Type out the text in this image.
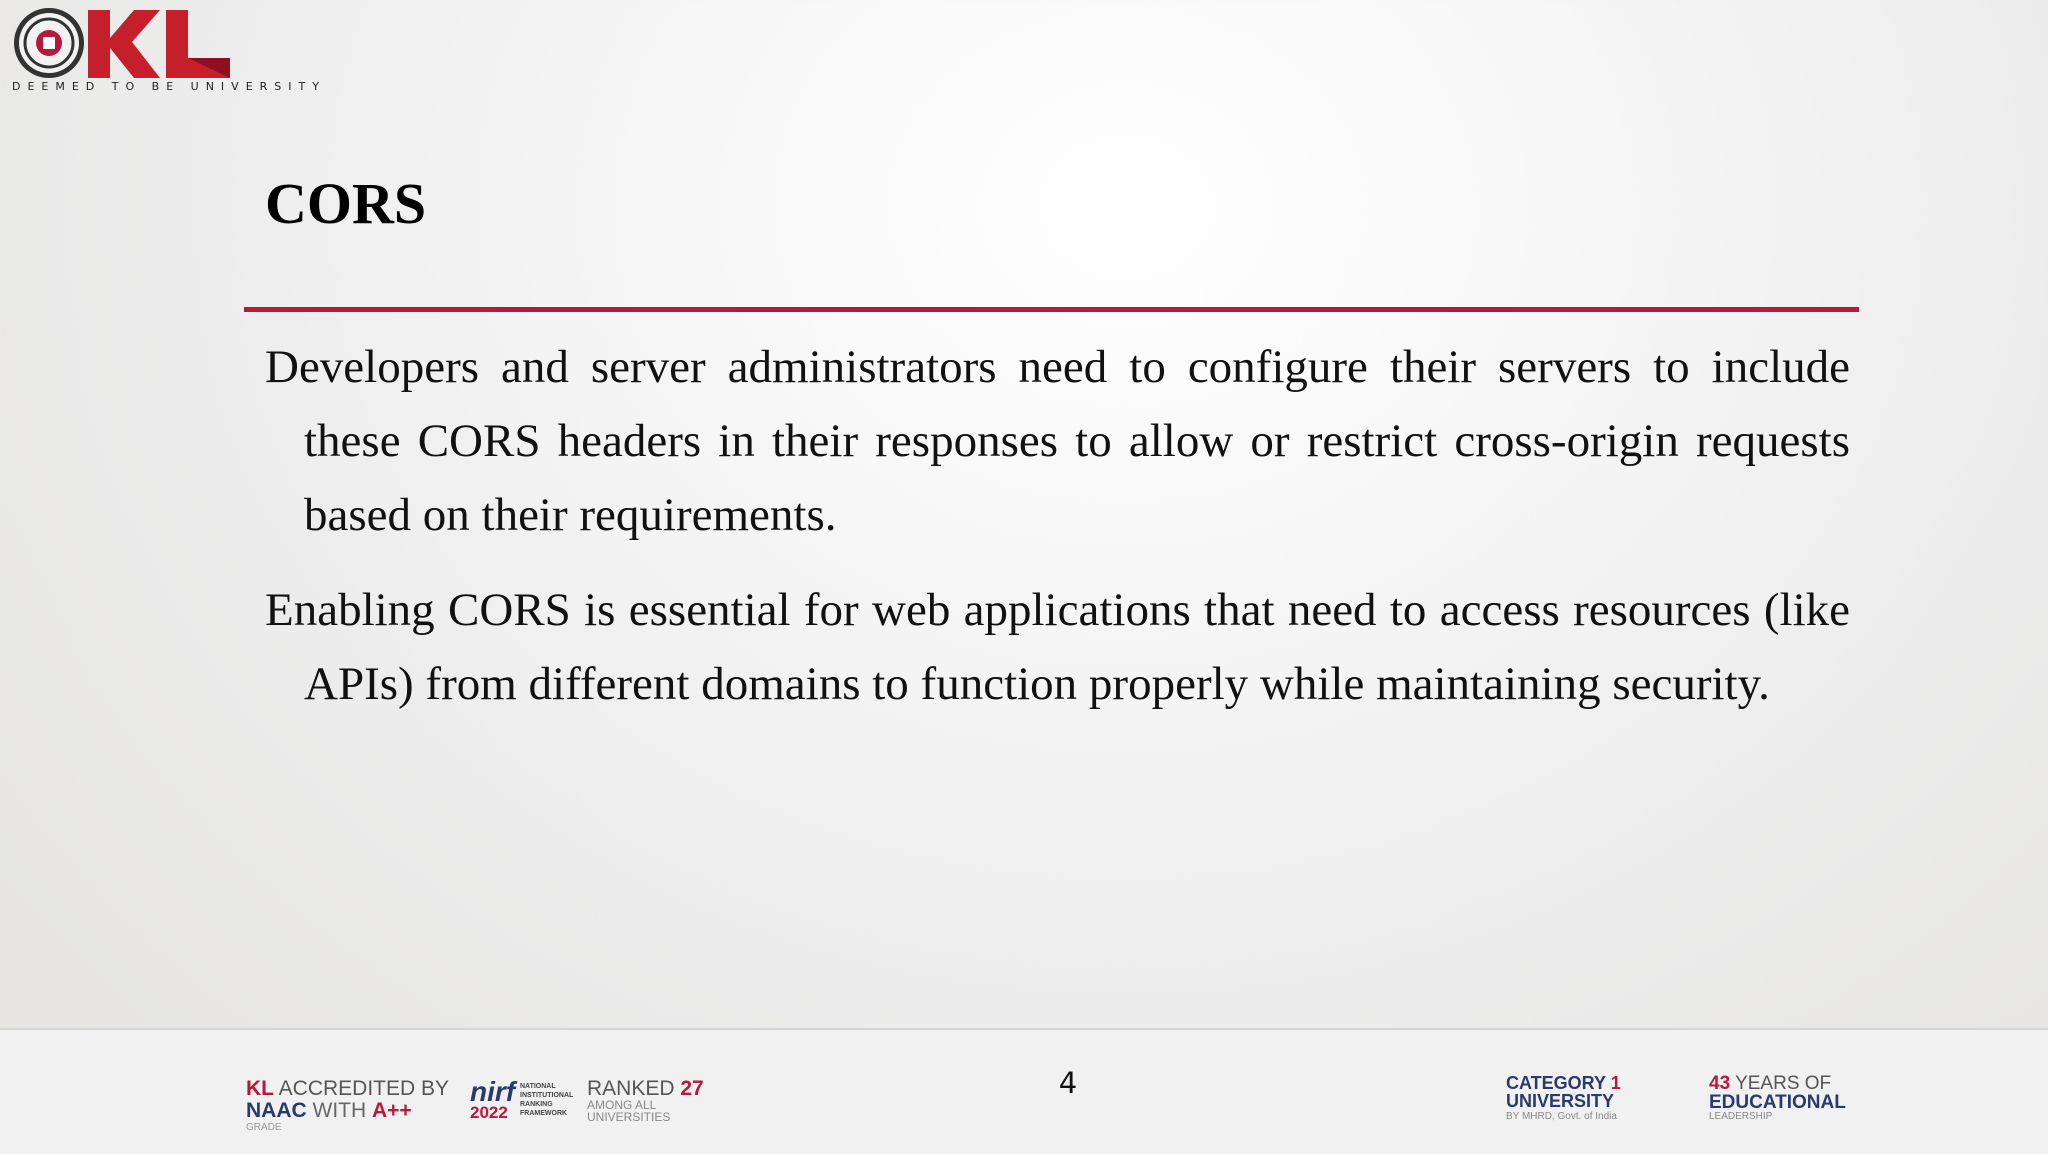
DEEMED TO BE UNIVERSITY
CORS

Developers and server administrators need to configure their servers to include these CORS headers in their responses to allow or restrict cross-origin requests based on their requirements.

Enabling CORS is essential for web applications that need to access resources (like APIs) from different domains to function properly while maintaining security.

KL ACCREDITED BY
NAAC WITH A++
GRADE
nirf
2022
NATIONAL
INSTITUTIONAL
RANKING
FRAMEWORK
RANKED 27
AMONG ALL
UNIVERSITIES
4	CATEGORY 1
UNIVERSITY
BY MHRD, Govt. of India
43 YEARS OF
EDUCATIONAL
LEADERSHIP
